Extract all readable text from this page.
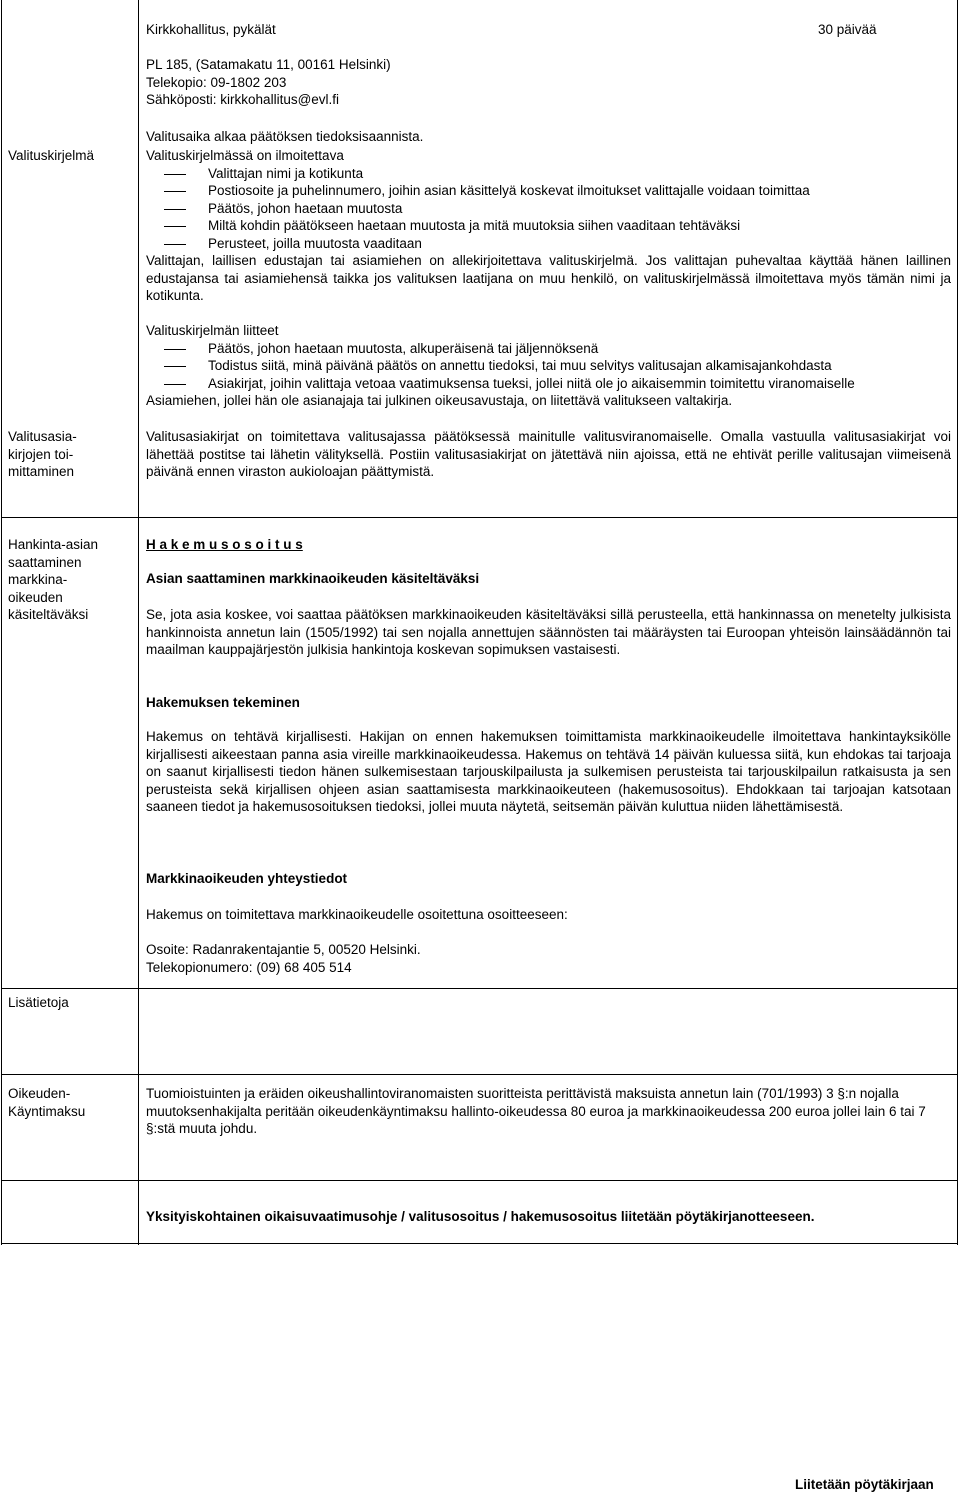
Kirkkohallitus, pykälät	30 päivää

PL 185, (Satamakatu 11, 00161 Helsinki)

Telekopio: 09-1802 203

Sähköposti: kirkkohallitus@evl.fi

Valitusaika alkaa päätöksen tiedoksisaannista.
Valituskirjelmä	Valituskirjelmässä on ilmoitettava

Valittajan nimi ja kotikunta

Postiosoite ja puhelinnumero, joihin asian käsittelyä koskevat ilmoitukset valittajalle voidaan toimittaa

Päätös, johon haetaan muutosta

Miltä kohdin päätökseen haetaan muutosta ja mitä muutoksia siihen vaaditaan tehtäväksi

Perusteet, joilla muutosta vaaditaan

Valittajan, laillisen edustajan tai asiamiehen on allekirjoitettava valituskirjelmä. Jos valittajan puhevaltaa käyttää hänen laillinen edustajansa tai asiamiehensä taikka jos valituksen laatijana on muu henkilö, on valituskirjelmässä ilmoitettava myös tämän nimi ja kotikunta.

Valituskirjelmän liitteet

Päätös, johon haetaan muutosta, alkuperäisenä tai jäljennöksenä

Todistus siitä, minä päivänä päätös on annettu tiedoksi, tai muu selvitys valitusajan alkamisajankohdasta

Asiakirjat, joihin valittaja vetoaa vaatimuksensa tueksi, jollei niitä ole jo aikaisemmin toimitettu viranomaiselle

Asiamiehen, jollei hän ole asianajaja tai julkinen oikeusavustaja, on liitettävä valitukseen valtakirja.

Valitusasia-

kirjojen toi-

mittaminen

Valitusasiakirjat on toimitettava valitusajassa päätöksessä mainitulle valitusviranomaiselle. Omalla vastuulla valitusasiakirjat voi lähettää postitse tai lähetin välityksellä. Postiin valitusasiakirjat on jätettävä niin ajoissa, että ne ehtivät perille valitusajan viimeisenä päivänä ennen viraston aukioloajan päättymistä.

Hankinta-asian

saattaminen

markkina-

oikeuden

käsiteltäväksi

H a k e m u s o s o i t u s
Asian saattaminen markkinaoikeuden käsiteltäväksi
Se, jota asia koskee, voi saattaa päätöksen markkinaoikeuden käsiteltäväksi sillä perusteella, että hankinnassa on menetelty julkisista hankinnoista annetun lain (1505/1992) tai sen nojalla annettujen säännösten tai määräysten tai Euroopan yhteisön lainsäädännön tai maailman kauppajärjestön julkisia hankintoja koskevan sopimuksen vastaisesti.
Hakemuksen tekeminen
Hakemus on tehtävä kirjallisesti. Hakijan on ennen hakemuksen toimittamista markkinaoikeudelle ilmoitettava hankintayksikölle kirjallisesti aikeestaan panna asia vireille markkinaoikeudessa. Hakemus on tehtävä 14 päivän kuluessa siitä, kun ehdokas tai tarjoaja on saanut kirjallisesti tiedon hänen sulkemisestaan tarjouskilpailusta ja sulkemisen perusteista tai tarjouskilpailun ratkaisusta ja sen perusteista sekä kirjallisen ohjeen asian saattamisesta markkinaoikeuteen (hakemusosoitus). Ehdokkaan tai tarjoajan katsotaan saaneen tiedot ja hakemusosoituksen tiedoksi, jollei muuta näytetä, seitsemän päivän kuluttua niiden lähettämisestä.
Markkinaoikeuden yhteystiedot
Hakemus on toimitettava markkinaoikeudelle osoitettuna osoitteeseen:
Osoite: Radanrakentajantie 5, 00520 Helsinki.
Telekopionumero: (09) 68 405 514
Lisätietoja

Oikeuden-

Käyntimaksu

Tuomioistuinten ja eräiden oikeushallintoviranomaisten suoritteista perittävistä maksuista annetun lain (701/1993) 3 §:n nojalla muutoksenhakijalta peritään oikeudenkäyntimaksu hallinto-oikeudessa 80 euroa ja markkinaoikeudessa 200 euroa jollei lain 6 tai 7 §:stä muuta johdu.
Yksityiskohtainen oikaisuvaatimusohje / valitusosoitus / hakemusosoitus liitetään pöytäkirjanotteeseen.
Liitetään pöytäkirjaan
